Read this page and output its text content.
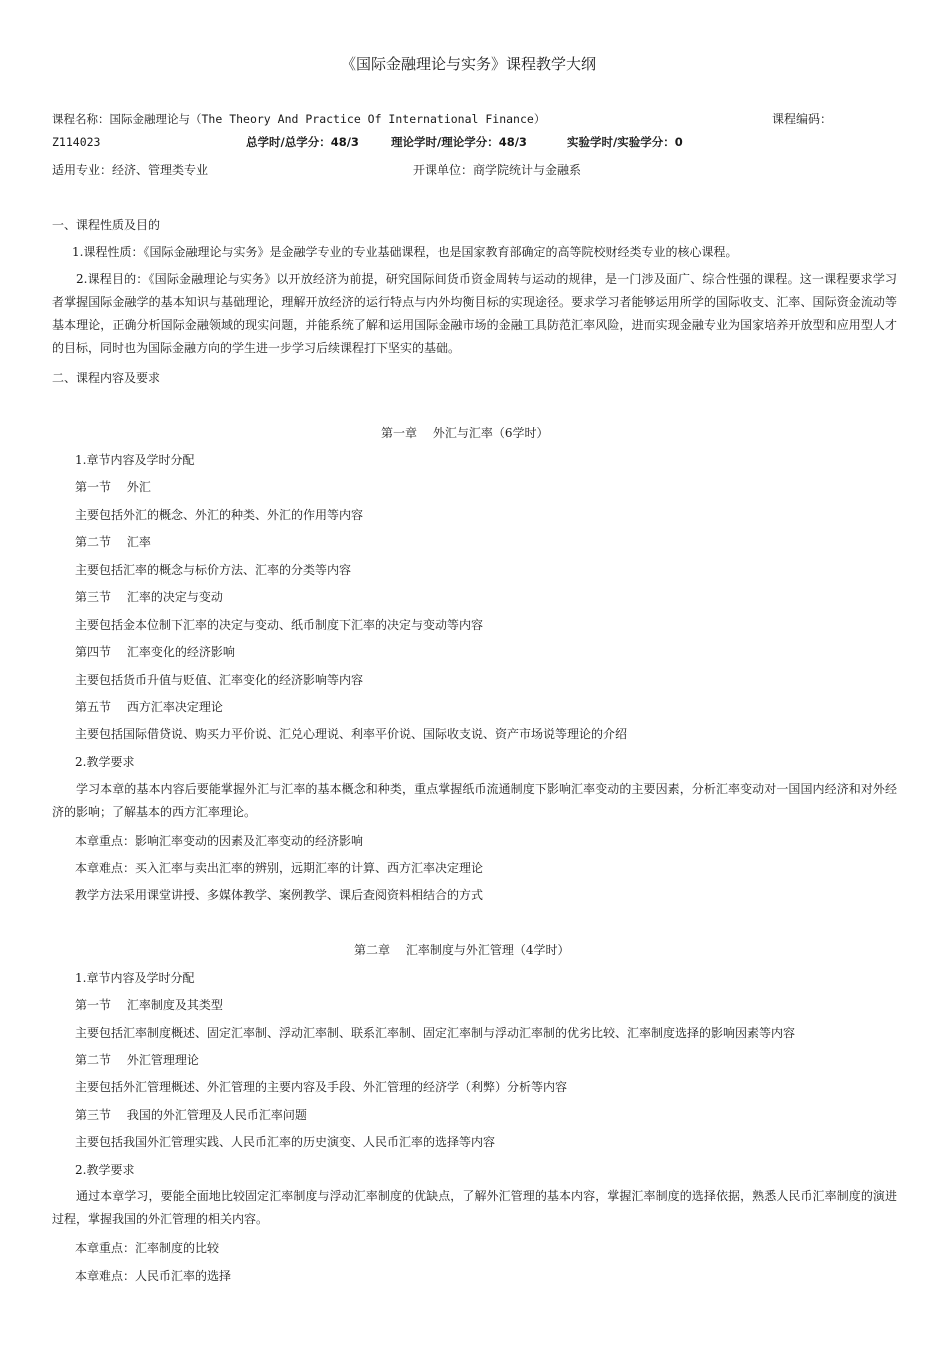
《国际金融理论与实务》课程教学大纲
课程名称：国际金融理论与（The Theory And Practice Of International Finance）	课程编码：
Z114023	总学时/总学分：48/3	理论学时/理论学分：48/3	实验学时/实验学分：0
适用专业：经济、管理类专业	开课单位：商学院统计与金融系
一、课程性质及目的
1.课程性质：《国际金融理论与实务》是金融学专业的专业基础课程，也是国家教育部确定的高等院校财经类专业的核心课程。
2.课程目的：《国际金融理论与实务》以开放经济为前提，研究国际间货币资金周转与运动的规律，是一门涉及面广、综合性强的课程。这一课程要求学习者掌握国际金融学的基本知识与基础理论，理解开放经济的运行特点与内外均衡目标的实现途径。要求学习者能够运用所学的国际收支、汇率、国际资金流动等基本理论，正确分析国际金融领域的现实问题，并能系统了解和运用国际金融市场的金融工具防范汇率风险，进而实现金融专业为国家培养开放型和应用型人才的目标，同时也为国际金融方向的学生进一步学习后续课程打下坚实的基础。
二、课程内容及要求
第一章　 外汇与汇率（6学时）
1.章节内容及学时分配
第一节　 外汇
主要包括外汇的概念、外汇的种类、外汇的作用等内容
第二节　 汇率
主要包括汇率的概念与标价方法、汇率的分类等内容
第三节　 汇率的决定与变动
主要包括金本位制下汇率的决定与变动、纸币制度下汇率的决定与变动等内容
第四节　 汇率变化的经济影响
主要包括货币升值与贬值、汇率变化的经济影响等内容
第五节　 西方汇率决定理论
主要包括国际借贷说、购买力平价说、汇兑心理说、利率平价说、国际收支说、资产市场说等理论的介绍
2.教学要求
学习本章的基本内容后要能掌握外汇与汇率的基本概念和种类，重点掌握纸币流通制度下影响汇率变动的主要因素，分析汇率变动对一国国内经济和对外经济的影响；了解基本的西方汇率理论。
本章重点：影响汇率变动的因素及汇率变动的经济影响
本章难点：买入汇率与卖出汇率的辨别，远期汇率的计算、西方汇率决定理论
教学方法采用课堂讲授、多媒体教学、案例教学、课后查阅资料相结合的方式
第二章　 汇率制度与外汇管理（4学时）
1.章节内容及学时分配
第一节　 汇率制度及其类型
主要包括汇率制度概述、固定汇率制、浮动汇率制、联系汇率制、固定汇率制与浮动汇率制的优劣比较、汇率制度选择的影响因素等内容
第二节　 外汇管理理论
主要包括外汇管理概述、外汇管理的主要内容及手段、外汇管理的经济学（利弊）分析等内容
第三节　 我国的外汇管理及人民币汇率问题
主要包括我国外汇管理实践、人民币汇率的历史演变、人民币汇率的选择等内容
2.教学要求
通过本章学习，要能全面地比较固定汇率制度与浮动汇率制度的优缺点，了解外汇管理的基本内容，掌握汇率制度的选择依据，熟悉人民币汇率制度的演进过程，掌握我国的外汇管理的相关内容。
本章重点：汇率制度的比较
本章难点：人民币汇率的选择
